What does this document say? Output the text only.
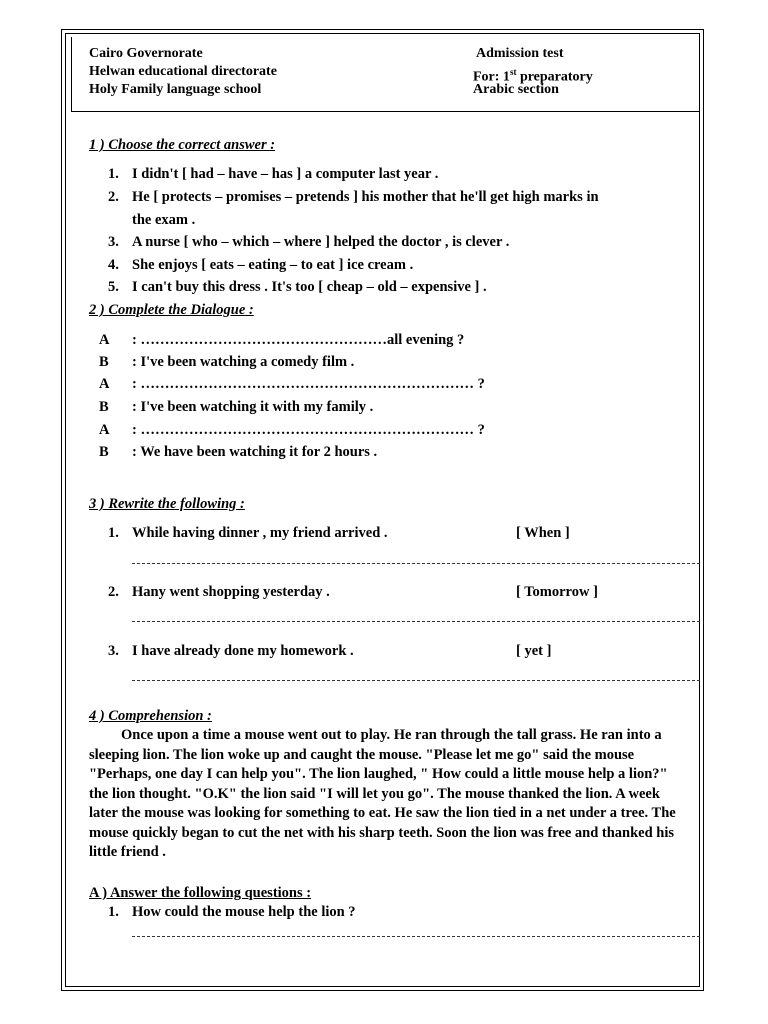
Cairo Governorate
Helwan educational directorate
Holy Family language school
Admission test
For: 1st preparatory
Arabic section
1 ) Choose the correct answer :
1. I didn't [ had – have – has ] a computer last year .
2. He [ protects – promises – pretends ] his mother that he'll get high marks in
the exam .
3. A nurse [ who – which – where ] helped the doctor , is clever .
4. She enjoys [ eats – eating – to eat ] ice cream .
5. I can't buy this dress . It's too [ cheap – old – expensive ] .
2 ) Complete the Dialogue :
A : ……………………………………………all evening ?
B : I've been watching a comedy film .
A : …………………………………………………………… ?
B : I've been watching it with my family .
A : …………………………………………………………… ?
B : We have been watching it for 2 hours .
3 ) Rewrite the following :
1. While having dinner , my friend arrived .	[ When ]
2. Hany went shopping yesterday .	[ Tomorrow ]
3. I have already done my homework .	[ yet ]
4 ) Comprehension :
Once upon a time a mouse went out to play. He ran through the tall grass. He ran into a sleeping lion. The lion woke up and caught the mouse. "Please let me go" said the mouse "Perhaps, one day I can help you". The lion laughed, " How could a little mouse help a lion?" the lion thought. "O.K" the lion said "I will let you go". The mouse thanked the lion. A week later the mouse was looking for something to eat. He saw the lion tied in a net under a tree. The mouse quickly began to cut the net with his sharp teeth. Soon the lion was free and thanked his little friend .
A ) Answer the following questions :
1. How could the mouse help the lion ?
